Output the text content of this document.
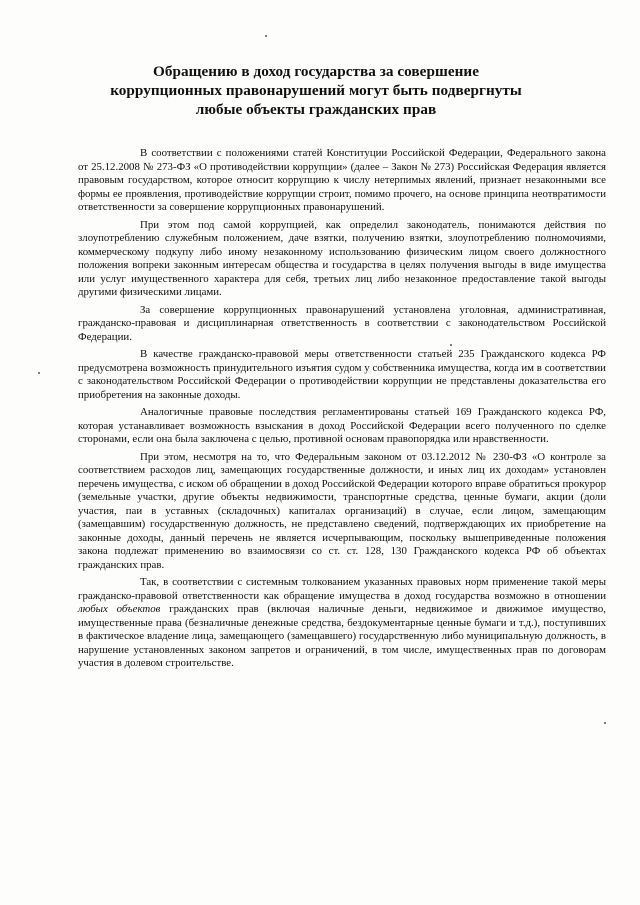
Обращению в доход государства за совершение коррупционных правонарушений могут быть подвергнуты любые объекты гражданских прав

В соответствии с положениями статей Конституции Российской Федерации, Федерального закона от 25.12.2008 № 273-ФЗ «О противодействии коррупции» (далее – Закон № 273) Российская Федерация является правовым государством, которое относит коррупцию к числу нетерпимых явлений, признает незаконными все формы ее проявления, противодействие коррупции строит, помимо прочего, на основе принципа неотвратимости ответственности за совершение коррупционных правонарушений.

При этом под самой коррупцией, как определил законодатель, понимаются действия по злоупотреблению служебным положением, даче взятки, получению взятки, злоупотреблению полномочиями, коммерческому подкупу либо иному незаконному использованию физическим лицом своего должностного положения вопреки законным интересам общества и государства в целях получения выгоды в виде имущества или услуг имущественного характера для себя, третьих лиц либо незаконное предоставление такой выгоды другими физическими лицами.

За совершение коррупционных правонарушений установлена уголовная, административная, гражданско-правовая и дисциплинарная ответственность в соответствии с законодательством Российской Федерации.

В качестве гражданско-правовой меры ответственности статьей 235 Гражданского кодекса РФ предусмотрена возможность принудительного изъятия судом у собственника имущества, когда им в соответствии с законодательством Российской Федерации о противодействии коррупции не представлены доказательства его приобретения на законные доходы.

Аналогичные правовые последствия регламентированы статьей 169 Гражданского кодекса РФ, которая устанавливает возможность взыскания в доход Российской Федерации всего полученного по сделке сторонами, если она была заключена с целью, противной основам правопорядка или нравственности.

При этом, несмотря на то, что Федеральным законом от 03.12.2012 № 230-ФЗ «О контроле за соответствием расходов лиц, замещающих государственные должности, и иных лиц их доходам» установлен перечень имущества, с иском об обращении в доход Российской Федерации которого вправе обратиться прокурор (земельные участки, другие объекты недвижимости, транспортные средства, ценные бумаги, акции (доли участия, паи в уставных (складочных) капиталах организаций) в случае, если лицом, замещающим (замещавшим) государственную должность, не представлено сведений, подтверждающих их приобретение на законные доходы, данный перечень не является исчерпывающим, поскольку вышеприведенные положения закона подлежат применению во взаимосвязи со ст. ст. 128, 130 Гражданского кодекса РФ об объектах гражданских прав.

Так, в соответствии с системным толкованием указанных правовых норм применение такой меры гражданско-правовой ответственности как обращение имущества в доход государства возможно в отношении любых объектов гражданских прав (включая наличные деньги, недвижимое и движимое имущество, имущественные права (безналичные денежные средства, бездокументарные ценные бумаги и т.д.), поступивших в фактическое владение лица, замещающего (замещавшего) государственную либо муниципальную должность, в нарушение установленных законом запретов и ограничений, в том числе, имущественных прав по договорам участия в долевом строительстве.
